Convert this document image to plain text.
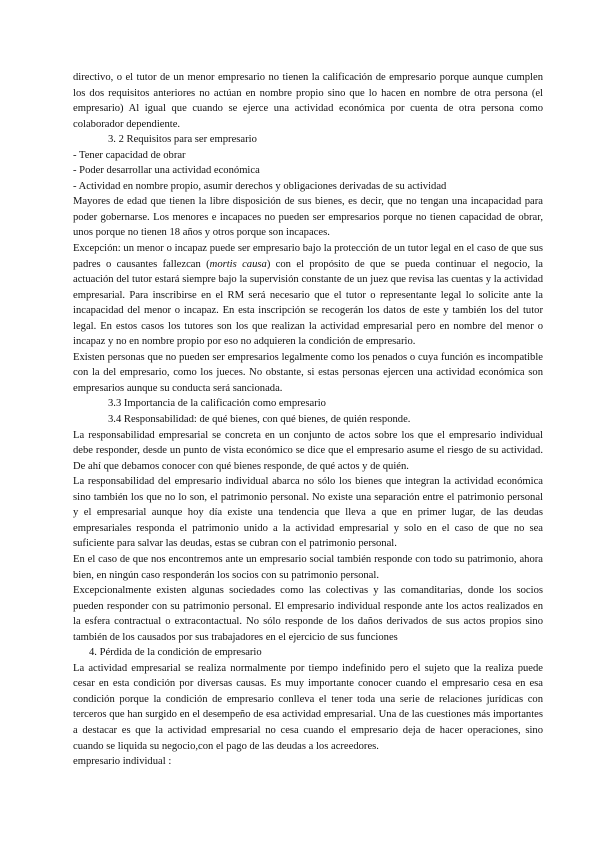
directivo, o el tutor de un menor empresario no tienen la calificación de empresario porque aunque cumplen los dos requisitos anteriores no actúan en nombre propio sino que lo hacen en nombre de otra persona (el empresario) Al igual que cuando se ejerce una actividad económica por cuenta de otra persona como colaborador dependiente.

3. 2 Requisitos para ser empresario

- Tener capacidad de obrar

- Poder desarrollar una actividad económica

- Actividad en nombre propio, asumir derechos y obligaciones derivadas de su actividad

Mayores de edad que tienen la libre disposición de sus bienes, es decir, que no tengan una incapacidad para poder gobernarse. Los menores e incapaces no pueden ser empresarios porque no tienen capacidad de obrar, unos porque no tienen 18 años y otros porque son incapaces.

Excepción: un menor o incapaz puede ser empresario bajo la protección de un tutor legal en el caso de que sus padres o causantes fallezcan (mortis causa) con el propósito de que se pueda continuar el negocio, la actuación del tutor estará siempre bajo la supervisión constante de un juez que revisa las cuentas y la actividad empresarial. Para inscribirse en el RM será necesario que el tutor o representante legal lo solicite ante la incapacidad del menor o incapaz. En esta inscripción se recogerán los datos de este y también los del tutor legal. En estos casos los tutores son los que realizan la actividad empresarial pero en nombre del menor o incapaz y no en nombre propio por eso no adquieren la condición de empresario.

Existen personas que no pueden ser empresarios legalmente como los penados o cuya función es incompatible con la del empresario, como los jueces. No obstante, si estas personas ejercen una actividad económica son empresarios aunque su conducta será sancionada.

3.3 Importancia de la calificación como empresario

3.4 Responsabilidad: de qué bienes, con qué bienes, de quién responde.

La responsabilidad empresarial se concreta en un conjunto de actos sobre los que el empresario individual debe responder, desde un punto de vista económico se dice que el empresario asume el riesgo de su actividad. De ahí que debamos conocer con qué bienes responde, de qué actos y de quién.

La responsabilidad del empresario individual abarca no sólo los bienes que integran la actividad económica sino también los que no lo son, el patrimonio personal. No existe una separación entre el patrimonio personal y el empresarial aunque hoy día existe una tendencia que lleva a que en primer lugar, de las deudas empresariales responda el patrimonio unido a la actividad empresarial y solo en el caso de que no sea suficiente para salvar las deudas, estas se cubran con el patrimonio personal.

En el caso de que nos encontremos ante un empresario social también responde con todo su patrimonio, ahora bien, en ningún caso responderán los socios con su patrimonio personal.

Excepcionalmente existen algunas sociedades como las colectivas y las comanditarias, donde los socios pueden responder con su patrimonio personal. El empresario individual responde ante los actos realizados en la esfera contractual o extracontactual. No sólo responde de los daños derivados de sus actos propios sino también de los causados por sus trabajadores en el ejercicio de sus funciones

4. Pérdida de la condición de empresario

La actividad empresarial se realiza normalmente por tiempo indefinido pero el sujeto que la realiza puede cesar en esta condición por diversas causas. Es muy importante conocer cuando el empresario cesa en esa condición porque la condición de empresario conlleva el tener toda una serie de relaciones jurídicas con terceros que han surgido en el desempeño de esa actividad empresarial. Una de las cuestiones más importantes a destacar es que la actividad empresarial no cesa cuando el empresario deja de hacer operaciones, sino cuando se liquida su negocio,con el pago de las deudas a los acreedores.

empresario individual :
